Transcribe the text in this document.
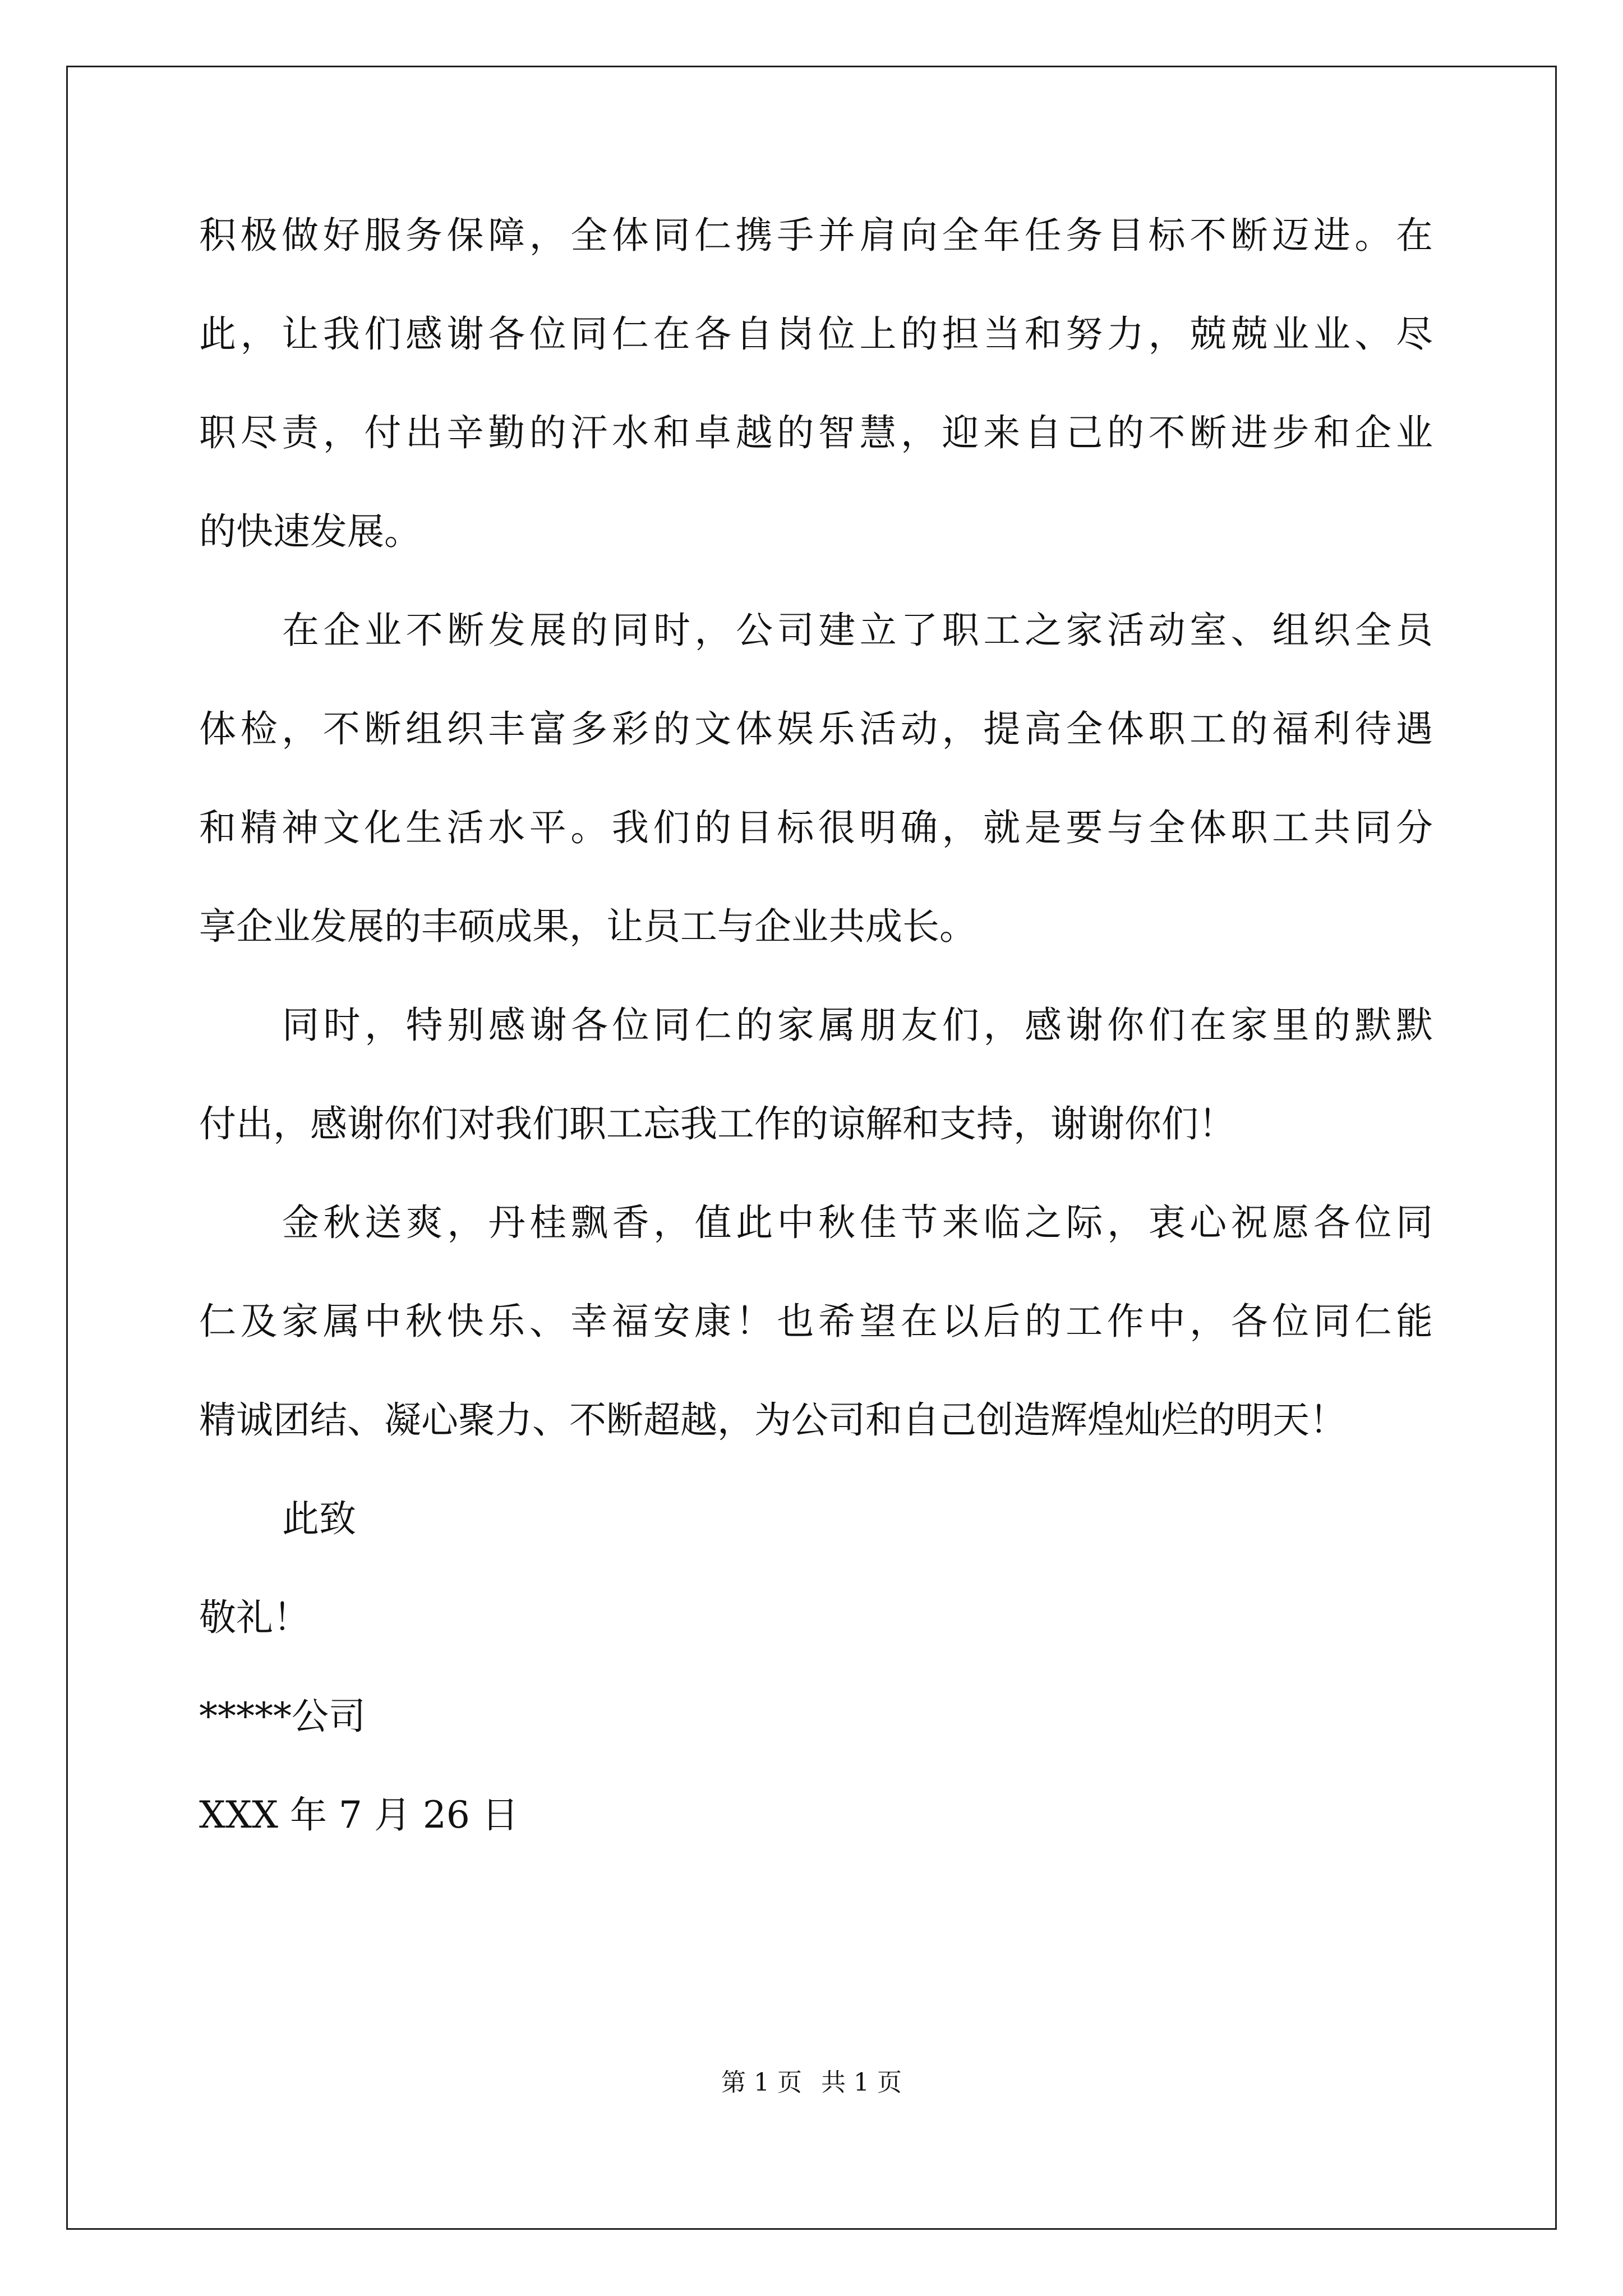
积极做好服务保障，全体同仁携手并肩向全年任务目标不断迈进。在
此，让我们感谢各位同仁在各自岗位上的担当和努力，兢兢业业、尽
职尽责，付出辛勤的汗水和卓越的智慧，迎来自己的不断进步和企业
的快速发展。
在企业不断发展的同时，公司建立了职工之家活动室、组织全员
体检，不断组织丰富多彩的文体娱乐活动，提高全体职工的福利待遇
和精神文化生活水平。我们的目标很明确，就是要与全体职工共同分
享企业发展的丰硕成果，让员工与企业共成长。
同时，特别感谢各位同仁的家属朋友们，感谢你们在家里的默默
付出，感谢你们对我们职工忘我工作的谅解和支持，谢谢你们！
金秋送爽，丹桂飘香，值此中秋佳节来临之际，衷心祝愿各位同
仁及家属中秋快乐、幸福安康！也希望在以后的工作中，各位同仁能
精诚团结、凝心聚力、不断超越，为公司和自己创造辉煌灿烂的明天！
此致
敬礼！
*****公司
XXX 年 7 月 26 日
第 1 页 共 1 页
